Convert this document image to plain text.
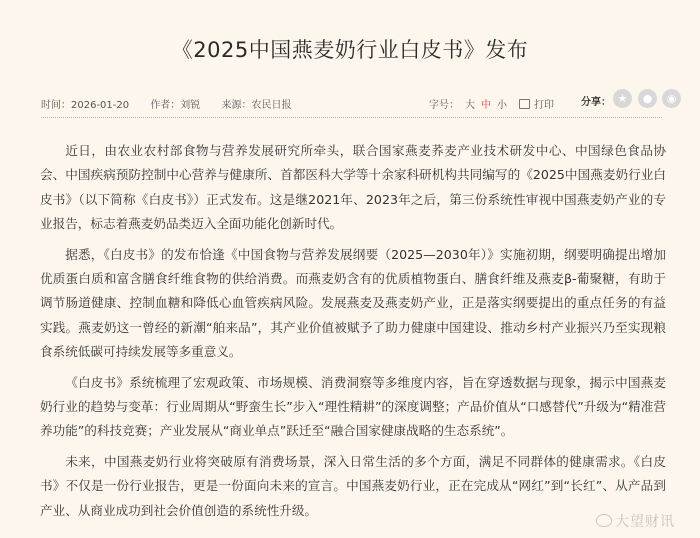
《2025中国燕麦奶行业白皮书》发布
时间：2026-01-20 作者：刘锐 来源：农民日报	字号： 大 中 小	打印	分享： ★	●	◉

近日，由农业农村部食物与营养发展研究所牵头，联合国家燕麦荞麦产业技术研发中心、中国绿色食品协会、中国疾病预防控制中心营养与健康所、首都医科大学等十余家科研机构共同编写的《2025中国燕麦奶行业白皮书》（以下简称《白皮书》）正式发布。这是继2021年、2023年之后，第三份系统性审视中国燕麦奶产业的专业报告，标志着燕麦奶品类迈入全面功能化创新时代。

据悉，《白皮书》的发布恰逢《中国食物与营养发展纲要（2025—2030年）》实施初期，纲要明确提出增加优质蛋白质和富含膳食纤维食物的供给消费。而燕麦奶含有的优质植物蛋白、膳食纤维及燕麦β-葡聚糖，有助于调节肠道健康、控制血糖和降低心血管疾病风险。发展燕麦及燕麦奶产业，正是落实纲要提出的重点任务的有益实践。燕麦奶这一曾经的新潮“舶来品”，其产业价值被赋予了助力健康中国建设、推动乡村产业振兴乃至实现粮食系统低碳可持续发展等多重意义。

《白皮书》系统梳理了宏观政策、市场规模、消费洞察等多维度内容，旨在穿透数据与现象，揭示中国燕麦奶行业的趋势与变革：行业周期从“野蛮生长”步入“理性精耕”的深度调整；产品价值从“口感替代”升级为“精准营养功能”的科技竞赛；产业发展从“商业单点”跃迁至“融合国家健康战略的生态系统”。

未来，中国燕麦奶行业将突破原有消费场景，深入日常生活的多个方面，满足不同群体的健康需求。《白皮书》不仅是一份行业报告，更是一份面向未来的宣言。中国燕麦奶行业，正在完成从“网红”到“长红”、从产品到产业、从商业成功到社会价值创造的系统性升级。

大望财讯
